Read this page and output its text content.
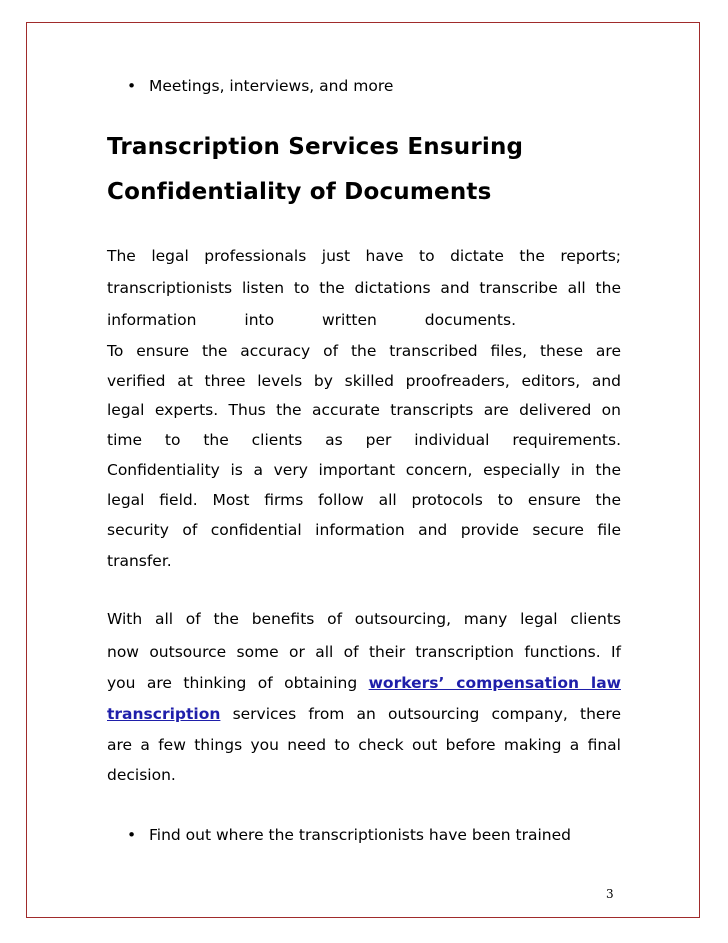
• Meetings, interviews, and more
Transcription Services Ensuring
Confidentiality of Documents
The legal professionals just have to dictate the reports;
transcriptionists listen to the dictations and transcribe all the
information into written documents.
To ensure the accuracy of the transcribed files, these are
verified at three levels by skilled proofreaders, editors, and
legal experts. Thus the accurate transcripts are delivered on
time to the clients as per individual requirements.
Confidentiality is a very important concern, especially in the
legal field. Most firms follow all protocols to ensure the
security of confidential information and provide secure file
transfer.
With all of the benefits of outsourcing, many legal clients
now outsource some or all of their transcription functions. If
you are thinking of obtaining workers’ compensation law
transcription services from an outsourcing company, there
are a few things you need to check out before making a final
decision.
• Find out where the transcriptionists have been trained
3
